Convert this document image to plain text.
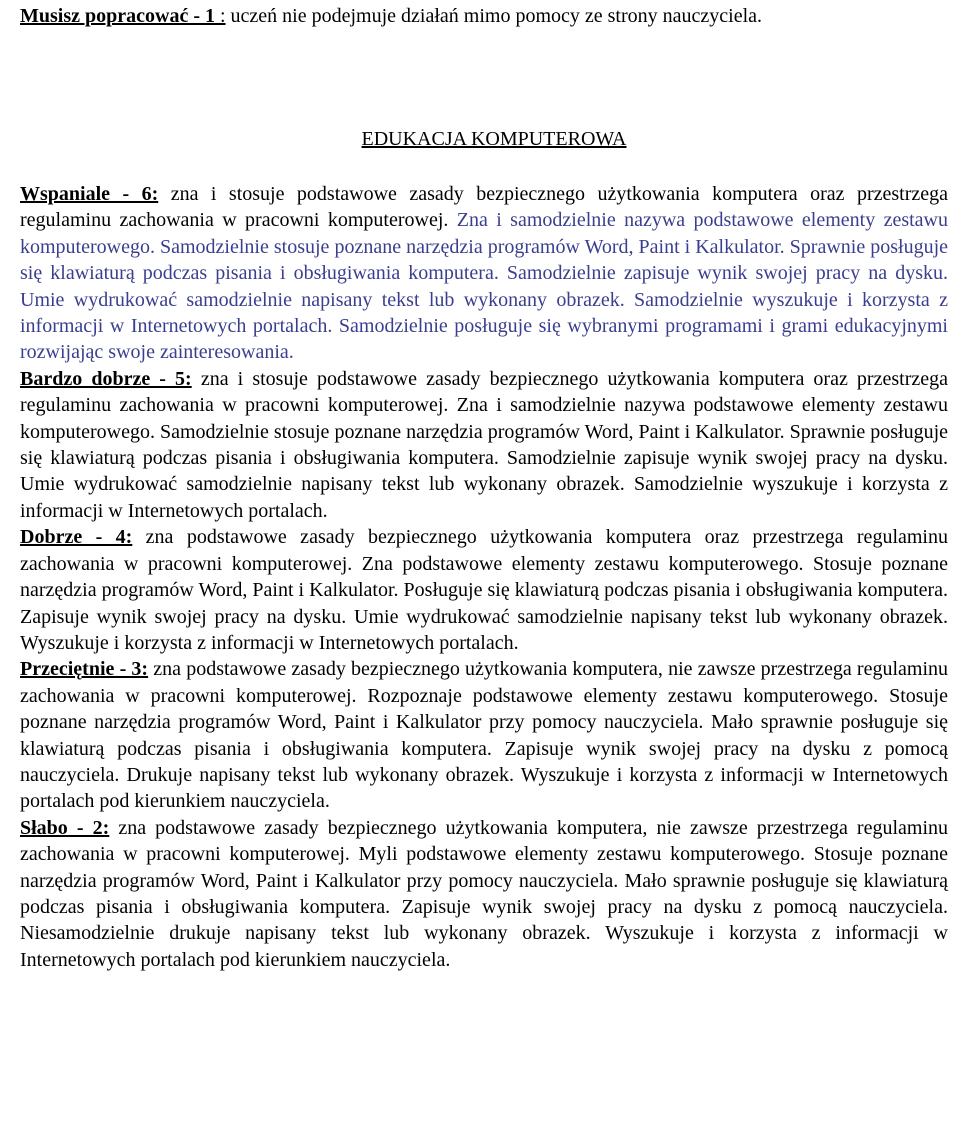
Musisz popracować - 1 : uczeń nie podejmuje działań mimo pomocy ze strony nauczyciela.

EDUKACJA KOMPUTEROWA

Wspaniale - 6: zna i stosuje podstawowe zasady bezpiecznego użytkowania komputera oraz przestrzega regulaminu zachowania w pracowni komputerowej. Zna i samodzielnie nazywa podstawowe elementy zestawu komputerowego. Samodzielnie stosuje poznane narzędzia programów Word, Paint i Kalkulator. Sprawnie posługuje się klawiaturą podczas pisania i obsługiwania komputera. Samodzielnie zapisuje wynik swojej pracy na dysku. Umie wydrukować samodzielnie napisany tekst lub wykonany obrazek. Samodzielnie wyszukuje i korzysta z informacji w Internetowych portalach. Samodzielnie posługuje się wybranymi programami i grami edukacyjnymi rozwijając swoje zainteresowania.

Bardzo dobrze - 5: zna i stosuje podstawowe zasady bezpiecznego użytkowania komputera oraz przestrzega regulaminu zachowania w pracowni komputerowej. Zna i samodzielnie nazywa podstawowe elementy zestawu komputerowego. Samodzielnie stosuje poznane narzędzia programów Word, Paint i Kalkulator. Sprawnie posługuje się klawiaturą podczas pisania i obsługiwania komputera. Samodzielnie zapisuje wynik swojej pracy na dysku. Umie wydrukować samodzielnie napisany tekst lub wykonany obrazek. Samodzielnie wyszukuje i korzysta z informacji w Internetowych portalach.

Dobrze - 4: zna podstawowe zasady bezpiecznego użytkowania komputera oraz przestrzega regulaminu zachowania w pracowni komputerowej. Zna podstawowe elementy zestawu komputerowego. Stosuje poznane narzędzia programów Word, Paint i Kalkulator. Posługuje się klawiaturą podczas pisania i obsługiwania komputera. Zapisuje wynik swojej pracy na dysku. Umie wydrukować samodzielnie napisany tekst lub wykonany obrazek. Wyszukuje i korzysta z informacji w Internetowych portalach.

Przeciętnie - 3: zna podstawowe zasady bezpiecznego użytkowania komputera, nie zawsze przestrzega regulaminu zachowania w pracowni komputerowej. Rozpoznaje podstawowe elementy zestawu komputerowego. Stosuje poznane narzędzia programów Word, Paint i Kalkulator przy pomocy nauczyciela. Mało sprawnie posługuje się klawiaturą podczas pisania i obsługiwania komputera. Zapisuje wynik swojej pracy na dysku z pomocą nauczyciela. Drukuje napisany tekst lub wykonany obrazek. Wyszukuje i korzysta z informacji w Internetowych portalach pod kierunkiem nauczyciela.

Słabo - 2: zna podstawowe zasady bezpiecznego użytkowania komputera, nie zawsze przestrzega regulaminu zachowania w pracowni komputerowej. Myli podstawowe elementy zestawu komputerowego. Stosuje poznane narzędzia programów Word, Paint i Kalkulator przy pomocy nauczyciela. Mało sprawnie posługuje się klawiaturą podczas pisania i obsługiwania komputera. Zapisuje wynik swojej pracy na dysku z pomocą nauczyciela. Niesamodzielnie drukuje napisany tekst lub wykonany obrazek. Wyszukuje i korzysta z informacji w Internetowych portalach pod kierunkiem nauczyciela.
